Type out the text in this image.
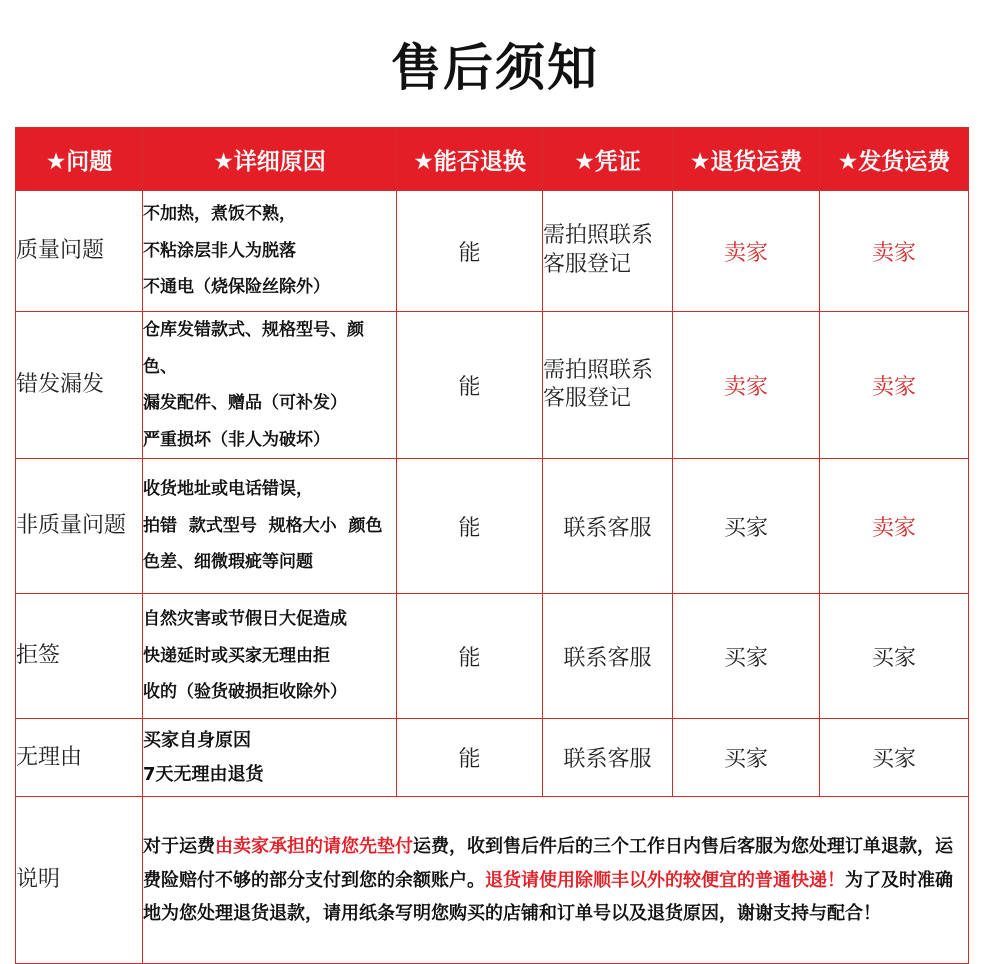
售后须知
★问题	★详细原因	★能否退换	★凭证	★退货运费	★发货运费
质量问题	不加热，煮饭不熟，
不粘涂层非人为脱落
不通电（烧保险丝除外）	能	需拍照联系客服登记	卖家	卖家
错发漏发	仓库发错款式、规格型号、颜色、
漏发配件、赠品（可补发）
严重损坏（非人为破坏）	能	需拍照联系客服登记	卖家	卖家
非质量问题	收货地址或电话错误，
拍错  款式型号  规格大小  颜色
色差、细微瑕疵等问题	能	联系客服	买家	卖家
拒签	自然灾害或节假日大促造成
快递延时或买家无理由拒
收的（验货破损拒收除外）	能	联系客服	买家	买家
无理由	买家自身原因
7天无理由退货	能	联系客服	买家	买家
说明	对于运费由卖家承担的请您先垫付运费，收到售后件后的三个工作日内售后客服为您处理订单退款，运费险赔付不够的部分支付到您的余额账户。退货请使用除顺丰以外的较便宜的普通快递！为了及时准确地为您处理退货退款，请用纸条写明您购买的店铺和订单号以及退货原因，谢谢支持与配合！				
